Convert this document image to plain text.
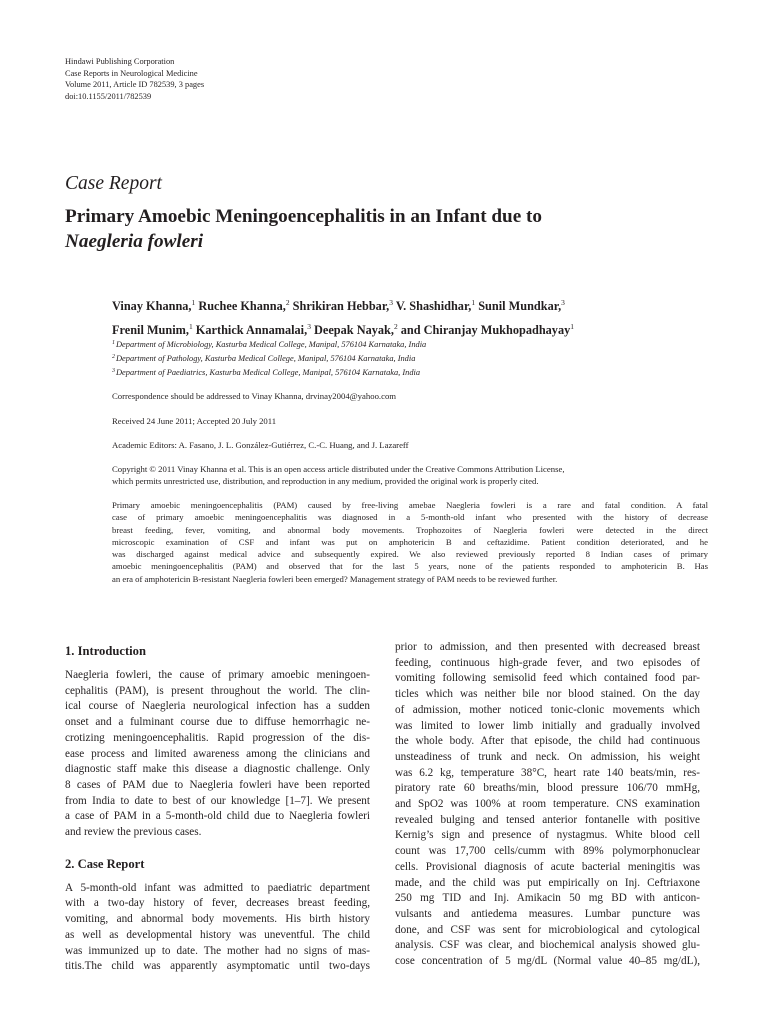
Hindawi Publishing Corporation
Case Reports in Neurological Medicine
Volume 2011, Article ID 782539, 3 pages
doi:10.1155/2011/782539
Case Report
Primary Amoebic Meningoencephalitis in an Infant due to
Naegleria fowleri
Vinay Khanna,$^1$ Ruchee Khanna,$^2$ Shrikiran Hebbar,$^3$ V. Shashidhar,$^1$ Sunil Mundkar,$^3$
Frenil Munim,$^1$ Karthick Annamalai,$^3$ Deepak Nayak,$^2$ and Chiranjay Mukhopadhayay$^1$
$^1$Department of Microbiology, Kasturba Medical College, Manipal, 576104 Karnataka, India
$^2$Department of Pathology, Kasturba Medical College, Manipal, 576104 Karnataka, India
$^3$Department of Paediatrics, Kasturba Medical College, Manipal, 576104 Karnataka, India
Correspondence should be addressed to Vinay Khanna, drvinay2004@yahoo.com
Received 24 June 2011; Accepted 20 July 2011
Academic Editors: A. Fasano, J. L. González-Gutiérrez, C.-C. Huang, and J. Lazareff
Copyright © 2011 Vinay Khanna et al. This is an open access article distributed under the Creative Commons Attribution License,
which permits unrestricted use, distribution, and reproduction in any medium, provided the original work is properly cited.
Primary amoebic meningoencephalitis (PAM) caused by free-living amebae Naegleria fowleri is a rare and fatal condition. A fatal
case of primary amoebic meningoencephalitis was diagnosed in a 5-month-old infant who presented with the history of decrease
breast feeding, fever, vomiting, and abnormal body movements. Trophozoites of Naegleria fowleri were detected in the direct
microscopic examination of CSF and infant was put on amphotericin B and ceftazidime. Patient condition deteriorated, and he
was discharged against medical advice and subsequently expired. We also reviewed previously reported 8 Indian cases of primary
amoebic meningoencephalitis (PAM) and observed that for the last 5 years, none of the patients responded to amphotericin B. Has
an era of amphotericin B-resistant Naegleria fowleri been emerged? Management strategy of PAM needs to be reviewed further.
1. Introduction
Naegleria fowleri, the cause of primary amoebic meningoen-
cephalitis (PAM), is present throughout the world. The clin-
ical course of Naegleria neurological infection has a sudden
onset and a fulminant course due to diffuse hemorrhagic ne-
crotizing meningoencephalitis. Rapid progression of the dis-
ease process and limited awareness among the clinicians and
diagnostic staff make this disease a diagnostic challenge. Only
8 cases of PAM due to Naegleria fowleri have been reported
from India to date to best of our knowledge [1–7]. We present
a case of PAM in a 5-month-old child due to Naegleria fowleri
and review the previous cases.
2. Case Report
A 5-month-old infant was admitted to paediatric department
with a two-day history of fever, decreases breast feeding,
vomiting, and abnormal body movements. His birth history
as well as developmental history was uneventful. The child
was immunized up to date. The mother had no signs of mas-
titis.The child was apparently asymptomatic until two-days
prior to admission, and then presented with decreased breast
feeding, continuous high-grade fever, and two episodes of
vomiting following semisolid feed which contained food par-
ticles which was neither bile nor blood stained. On the day
of admission, mother noticed tonic-clonic movements which
was limited to lower limb initially and gradually involved
the whole body. After that episode, the child had continuous
unsteadiness of trunk and neck. On admission, his weight
was 6.2 kg, temperature 38°C, heart rate 140 beats/min, res-
piratory rate 60 breaths/min, blood pressure 106/70 mmHg,
and SpO2 was 100% at room temperature. CNS examination
revealed bulging and tensed anterior fontanelle with positive
Kernig’s sign and presence of nystagmus. White blood cell
count was 17,700 cells/cumm with 89% polymorphonuclear
cells. Provisional diagnosis of acute bacterial meningitis was
made, and the child was put empirically on Inj. Ceftriaxone
250 mg TID and Inj. Amikacin 50 mg BD with anticon-
vulsants and antiedema measures. Lumbar puncture was
done, and CSF was sent for microbiological and cytological
analysis. CSF was clear, and biochemical analysis showed glu-
cose concentration of 5 mg/dL (Normal value 40–85 mg/dL),
